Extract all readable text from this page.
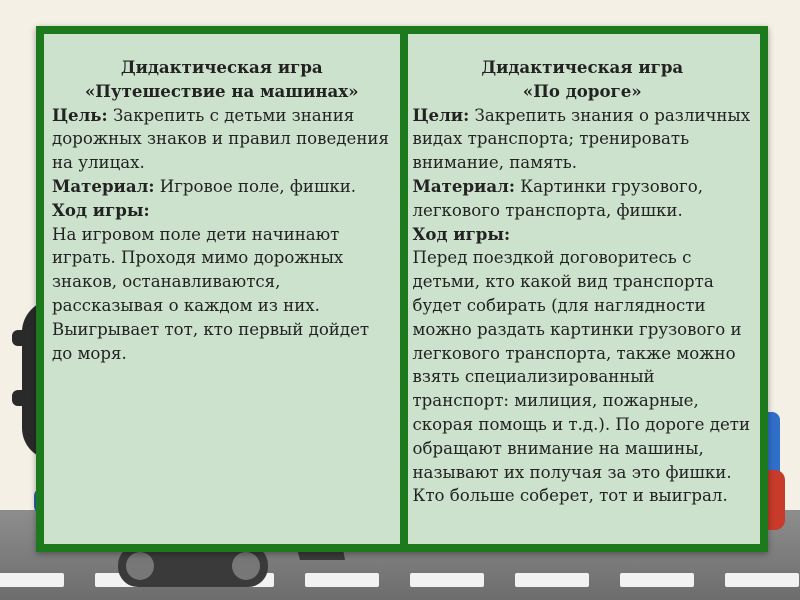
Дидактическая игра
«Путешествие на машинах»
Цель: Закрепить с детьми знания дорожных знаков и правил поведения на улицах.
Материал: Игровое поле, фишки.
Ход игры:
На игровом поле дети начинают играть. Проходя мимо дорожных знаков, останавливаются, рассказывая о каждом из них. Выигрывает тот, кто первый дойдет до моря.
Дидактическая игра
«По дороге»
Цели: Закрепить знания о различных видах транспорта; тренировать внимание, память.
Материал: Картинки грузового, легкового транспорта, фишки.
Ход игры:
Перед поездкой договоритесь с детьми, кто какой вид транспорта будет собирать (для наглядности можно раздать картинки грузового и легкового транспорта, также можно взять специализированный транспорт: милиция, пожарные, скорая помощь и т.д.). По дороге дети обращают внимание на машины, называют их получая за это фишки. Кто больше соберет, тот и выиграл.
